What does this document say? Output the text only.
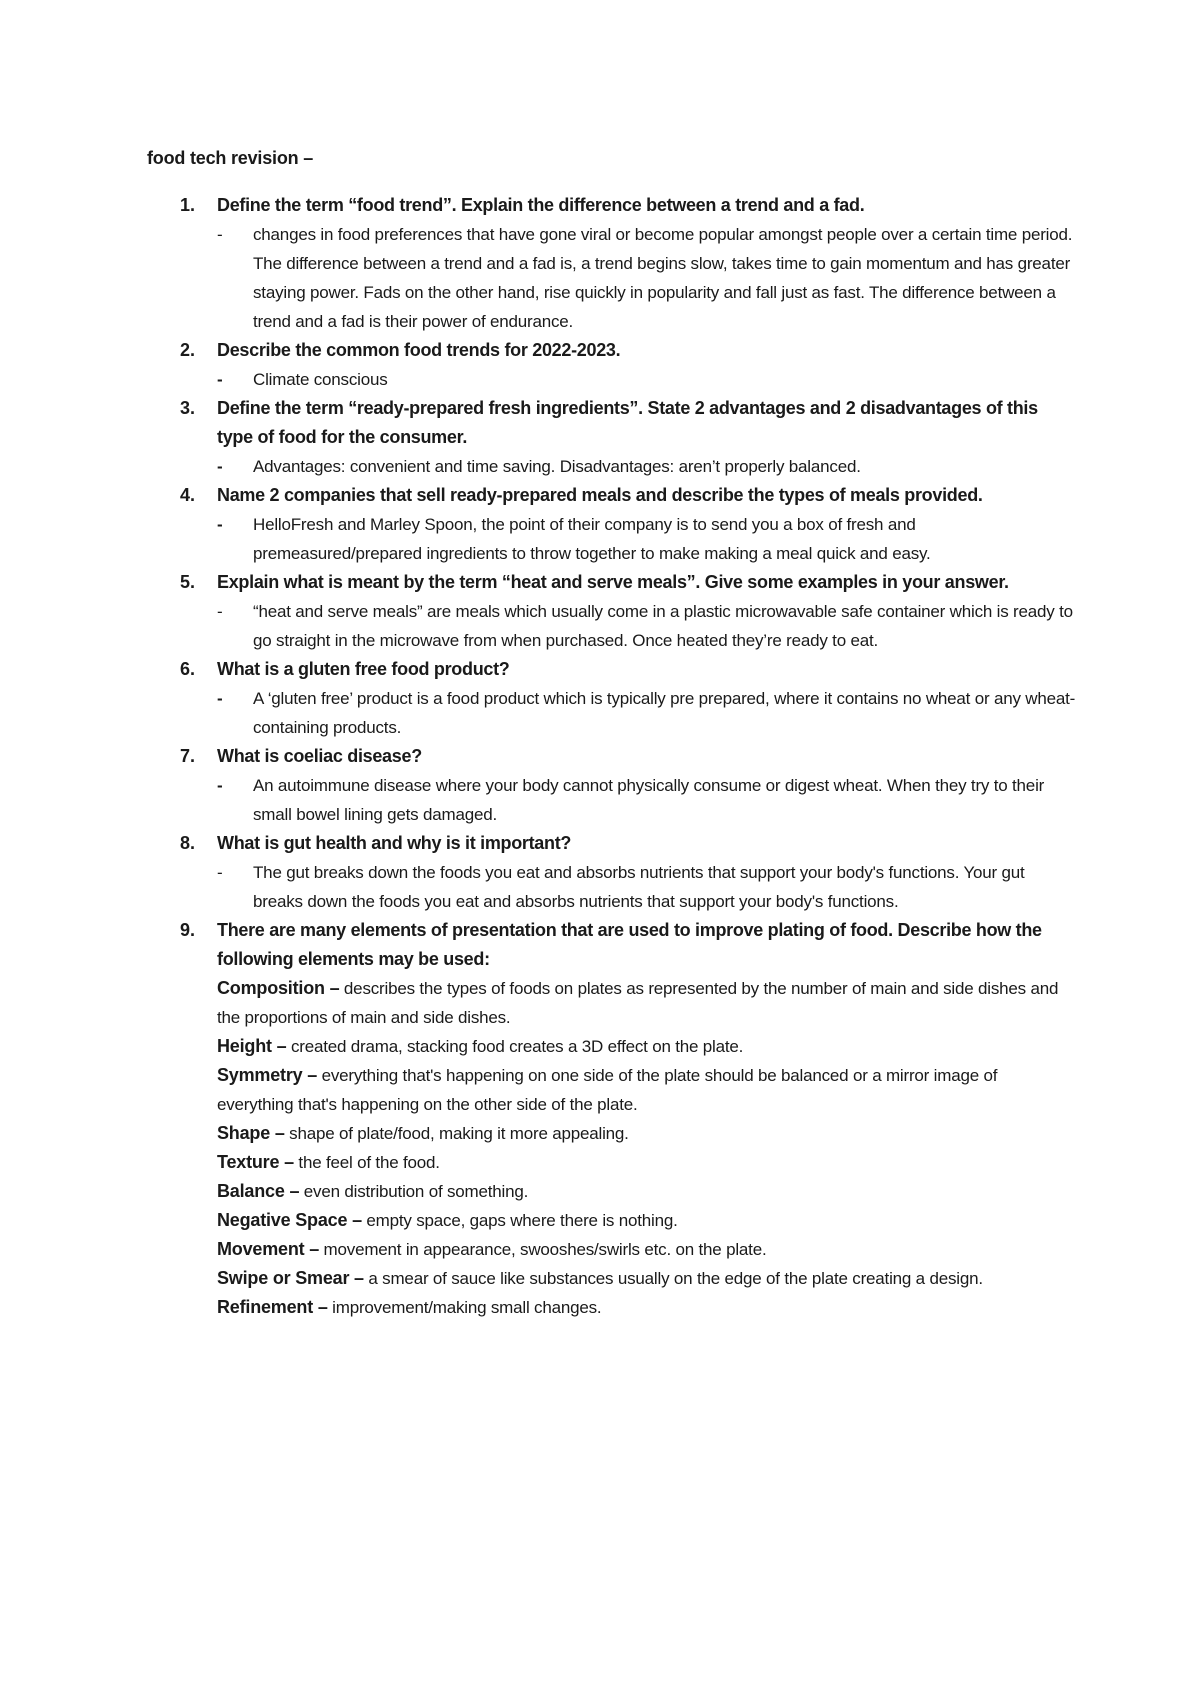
food tech revision –
1. Define the term “food trend”. Explain the difference between a trend and a fad.
- changes in food preferences that have gone viral or become popular amongst people over a certain time period. The difference between a trend and a fad is, a trend begins slow, takes time to gain momentum and has greater staying power. Fads on the other hand, rise quickly in popularity and fall just as fast. The difference between a trend and a fad is their power of endurance.
2. Describe the common food trends for 2022-2023.
- Climate conscious
3. Define the term “ready-prepared fresh ingredients”. State 2 advantages and 2 disadvantages of this type of food for the consumer.
- Advantages: convenient and time saving. Disadvantages: aren’t properly balanced.
4. Name 2 companies that sell ready-prepared meals and describe the types of meals provided.
- HelloFresh and Marley Spoon, the point of their company is to send you a box of fresh and premeasured/prepared ingredients to throw together to make making a meal quick and easy.
5. Explain what is meant by the term “heat and serve meals”. Give some examples in your answer.
- “heat and serve meals” are meals which usually come in a plastic microwavable safe container which is ready to go straight in the microwave from when purchased. Once heated they’re ready to eat.
6. What is a gluten free food product?
- A ‘gluten free’ product is a food product which is typically pre prepared, where it contains no wheat or any wheat-containing products.
7. What is coeliac disease?
- An autoimmune disease where your body cannot physically consume or digest wheat. When they try to their small bowel lining gets damaged.
8. What is gut health and why is it important?
- The gut breaks down the foods you eat and absorbs nutrients that support your body's functions. Your gut breaks down the foods you eat and absorbs nutrients that support your body's functions.
9. There are many elements of presentation that are used to improve plating of food. Describe how the following elements may be used:
Composition – describes the types of foods on plates as represented by the number of main and side dishes and the proportions of main and side dishes.
Height – created drama, stacking food creates a 3D effect on the plate.
Symmetry – everything that's happening on one side of the plate should be balanced or a mirror image of everything that's happening on the other side of the plate.
Shape – shape of plate/food, making it more appealing.
Texture – the feel of the food.
Balance – even distribution of something.
Negative Space – empty space, gaps where there is nothing.
Movement – movement in appearance, swooshes/swirls etc. on the plate.
Swipe or Smear – a smear of sauce like substances usually on the edge of the plate creating a design.
Refinement – improvement/making small changes.
